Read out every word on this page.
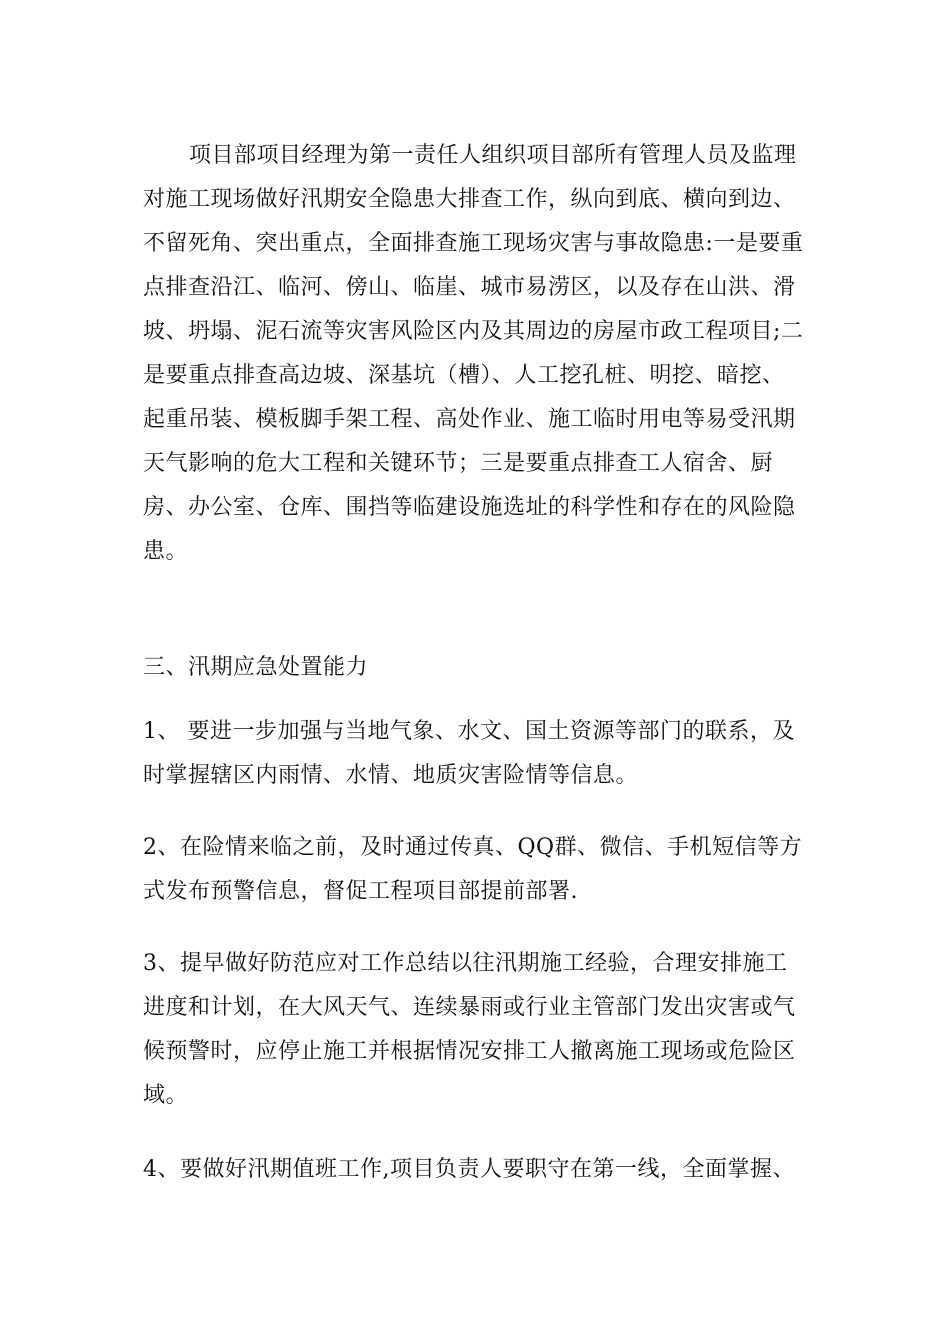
项目部项目经理为第一责任人组织项目部所有管理人员及监理
对施工现场做好汛期安全隐患大排查工作，纵向到底、横向到边、
不留死角、突出重点，全面排查施工现场灾害与事故隐患:一是要重
点排查沿江、临河、傍山、临崖、城市易涝区，以及存在山洪、滑
坡、坍塌、泥石流等灾害风险区内及其周边的房屋市政工程项目;二
是要重点排查高边坡、深基坑（槽）、人工挖孔桩、明挖、暗挖、
起重吊装、模板脚手架工程、高处作业、施工临时用电等易受汛期
天气影响的危大工程和关键环节；三是要重点排查工人宿舍、厨
房、办公室、仓库、围挡等临建设施选址的科学性和存在的风险隐
患。
三、汛期应急处置能力
1、 要进一步加强与当地气象、水文、国土资源等部门的联系，及
时掌握辖区内雨情、水情、地质灾害险情等信息。
2、在险情来临之前，及时通过传真、QQ群、微信、手机短信等方
式发布预警信息，督促工程项目部提前部署.
3、提早做好防范应对工作总结以往汛期施工经验，合理安排施工
进度和计划，在大风天气、连续暴雨或行业主管部门发出灾害或气
候预警时，应停止施工并根据情况安排工人撤离施工现场或危险区
域。
4、要做好汛期值班工作,项目负责人要职守在第一线，全面掌握、
